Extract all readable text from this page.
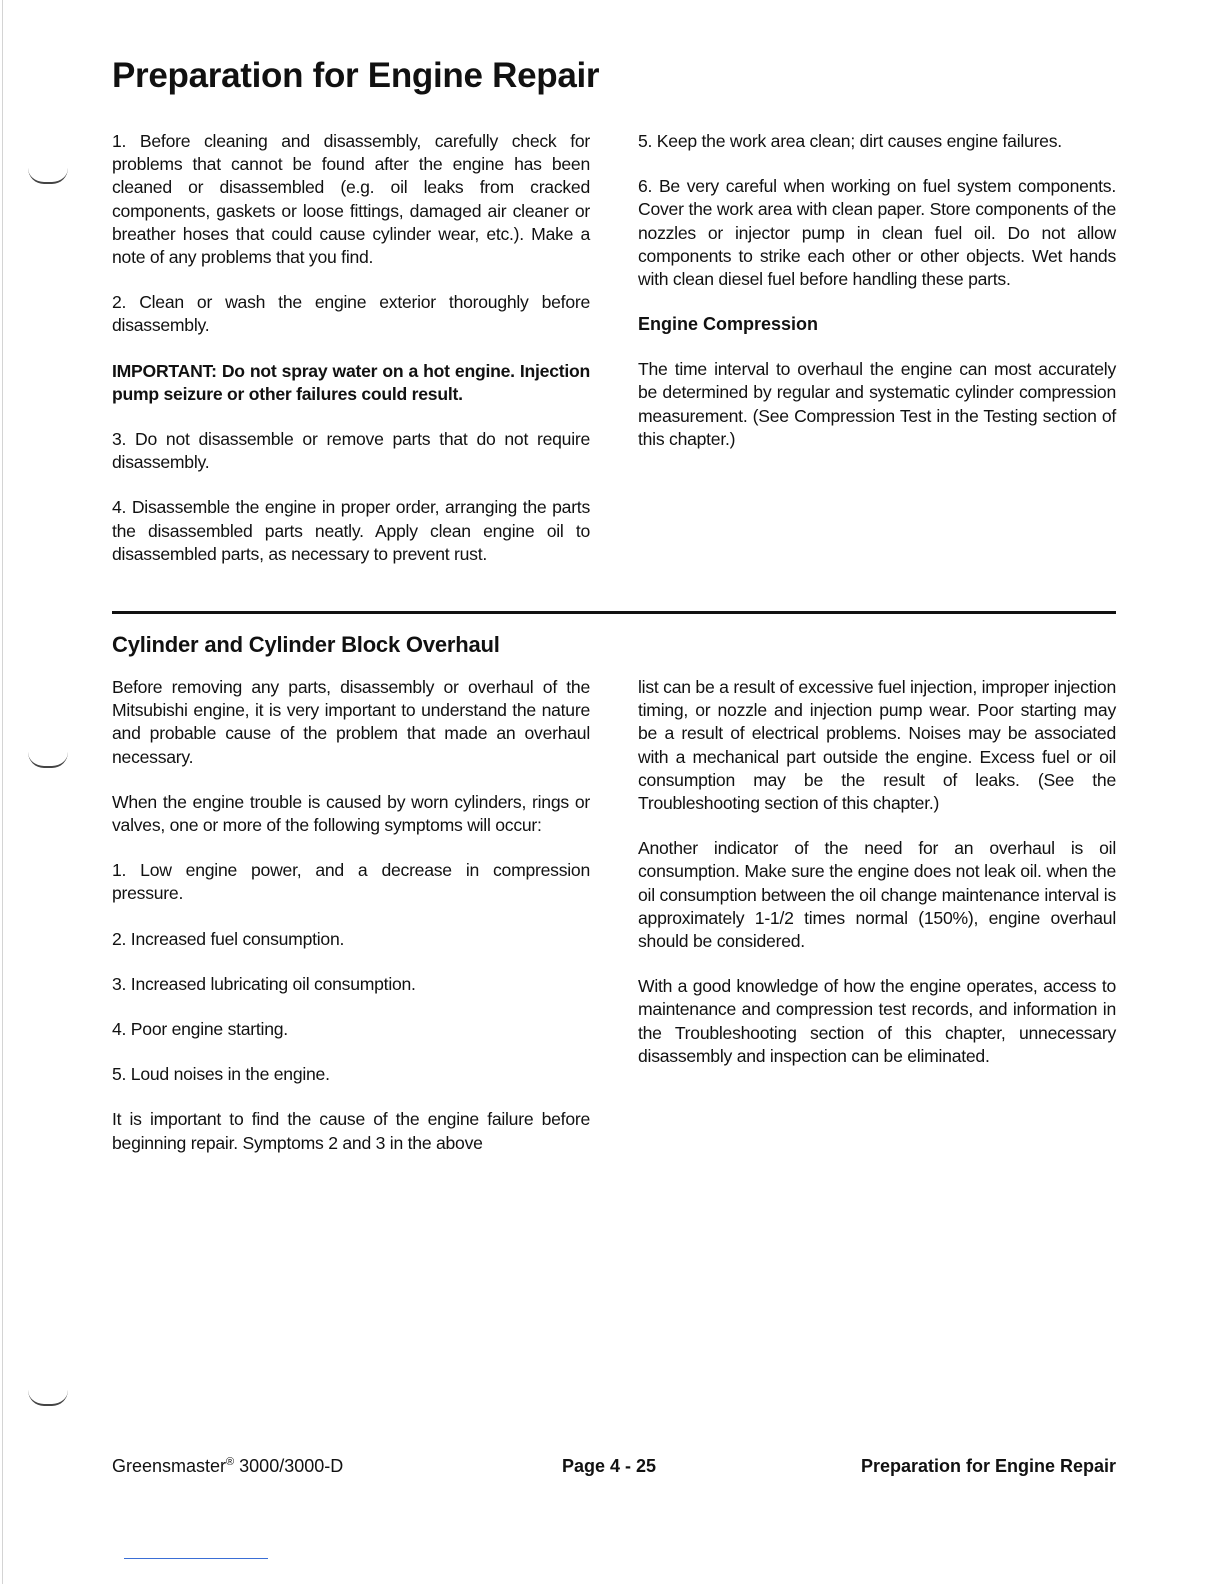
Preparation for Engine Repair

1. Before cleaning and disassembly, carefully check for problems that cannot be found after the engine has been cleaned or disassembled (e.g. oil leaks from cracked components, gaskets or loose fittings, damaged air cleaner or breather hoses that could cause cylinder wear, etc.). Make a note of any problems that you find.

2. Clean or wash the engine exterior thoroughly before disassembly.

IMPORTANT: Do not spray water on a hot engine. Injection pump seizure or other failures could result.

3. Do not disassemble or remove parts that do not require disassembly.

4. Disassemble the engine in proper order, arranging the parts the disassembled parts neatly. Apply clean engine oil to disassembled parts, as necessary to prevent rust.

5. Keep the work area clean; dirt causes engine failures.

6. Be very careful when working on fuel system components. Cover the work area with clean paper. Store components of the nozzles or injector pump in clean fuel oil. Do not allow components to strike each other or other objects. Wet hands with clean diesel fuel before handling these parts.

Engine Compression

The time interval to overhaul the engine can most accurately be determined by regular and systematic cylinder compression measurement. (See Compression Test in the Testing section of this chapter.)

Cylinder and Cylinder Block Overhaul

Before removing any parts, disassembly or overhaul of the Mitsubishi engine, it is very important to understand the nature and probable cause of the problem that made an overhaul necessary.

When the engine trouble is caused by worn cylinders, rings or valves, one or more of the following symptoms will occur:

1. Low engine power, and a decrease in compression pressure.

2. Increased fuel consumption.

3. Increased lubricating oil consumption.

4. Poor engine starting.

5. Loud noises in the engine.

It is important to find the cause of the engine failure before beginning repair. Symptoms 2 and 3 in the above

list can be a result of excessive fuel injection, improper injection timing, or nozzle and injection pump wear. Poor starting may be a result of electrical problems. Noises may be associated with a mechanical part outside the engine. Excess fuel or oil consumption may be the result of leaks. (See the Troubleshooting section of this chapter.)

Another indicator of the need for an overhaul is oil consumption. Make sure the engine does not leak oil. when the oil consumption between the oil change maintenance interval is approximately 1-1/2 times normal (150%), engine overhaul should be considered.

With a good knowledge of how the engine operates, access to maintenance and compression test records, and information in the Troubleshooting section of this chapter, unnecessary disassembly and inspection can be eliminated.

Greensmaster® 3000/3000-D	Page 4 - 25	Preparation for Engine Repair
